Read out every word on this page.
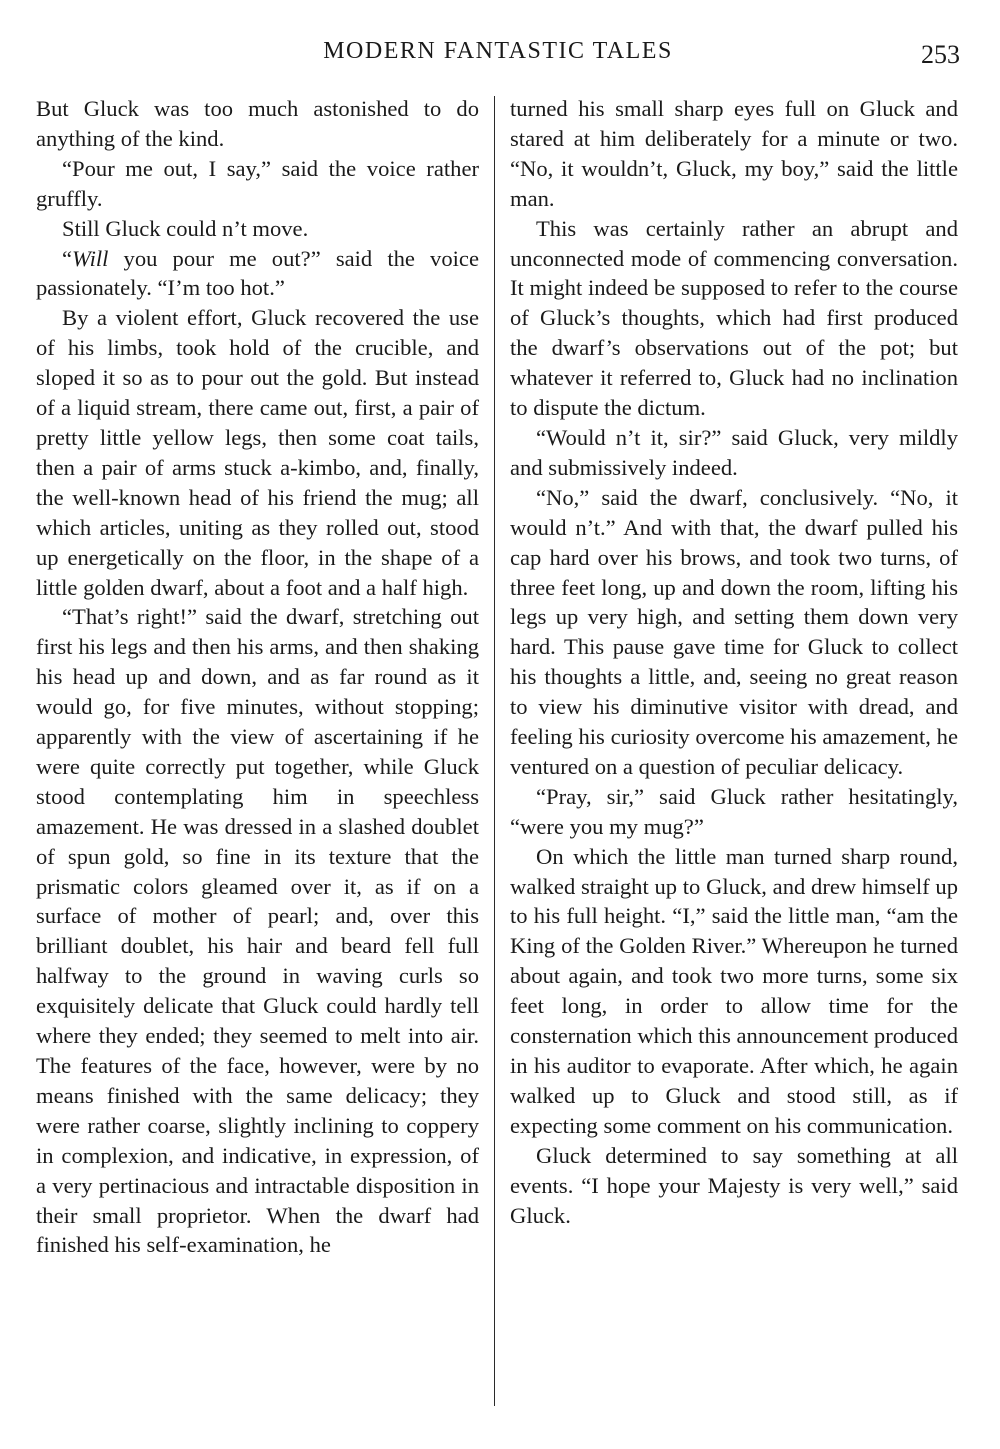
MODERN FANTASTIC TALES	253

But Gluck was too much astonished to do anything of the kind.

“Pour me out, I say,” said the voice rather gruffly.

Still Gluck could n’t move.

“Will you pour me out?” said the voice passionately. “I’m too hot.”

By a violent effort, Gluck recovered the use of his limbs, took hold of the crucible, and sloped it so as to pour out the gold. But instead of a liquid stream, there came out, first, a pair of pretty little yellow legs, then some coat tails, then a pair of arms stuck a-kimbo, and, finally, the well-known head of his friend the mug; all which articles, uniting as they rolled out, stood up energetically on the floor, in the shape of a little golden dwarf, about a foot and a half high.

“That’s right!” said the dwarf, stretching out first his legs and then his arms, and then shaking his head up and down, and as far round as it would go, for five minutes, without stopping; apparently with the view of ascertaining if he were quite correctly put together, while Gluck stood contemplating him in speechless amazement. He was dressed in a slashed doublet of spun gold, so fine in its texture that the prismatic colors gleamed over it, as if on a surface of mother of pearl; and, over this brilliant doublet, his hair and beard fell full halfway to the ground in waving curls so exquisitely delicate that Gluck could hardly tell where they ended; they seemed to melt into air. The features of the face, however, were by no means finished with the same delicacy; they were rather coarse, slightly inclining to coppery in complexion, and indicative, in expression, of a very pertinacious and intractable disposition in their small proprietor. When the dwarf had finished his self-examination, he

turned his small sharp eyes full on Gluck and stared at him deliberately for a minute or two. “No, it wouldn’t, Gluck, my boy,” said the little man.

This was certainly rather an abrupt and unconnected mode of commencing conversation. It might indeed be supposed to refer to the course of Gluck’s thoughts, which had first produced the dwarf’s observations out of the pot; but whatever it referred to, Gluck had no inclination to dispute the dictum.

“Would n’t it, sir?” said Gluck, very mildly and submissively indeed.

“No,” said the dwarf, conclusively. “No, it would n’t.” And with that, the dwarf pulled his cap hard over his brows, and took two turns, of three feet long, up and down the room, lifting his legs up very high, and setting them down very hard. This pause gave time for Gluck to collect his thoughts a little, and, seeing no great reason to view his diminutive visitor with dread, and feeling his curiosity overcome his amazement, he ventured on a question of peculiar delicacy.

“Pray, sir,” said Gluck rather hesitatingly, “were you my mug?”

On which the little man turned sharp round, walked straight up to Gluck, and drew himself up to his full height. “I,” said the little man, “am the King of the Golden River.” Whereupon he turned about again, and took two more turns, some six feet long, in order to allow time for the consternation which this announcement produced in his auditor to evaporate. After which, he again walked up to Gluck and stood still, as if expecting some comment on his communication.

Gluck determined to say something at all events. “I hope your Majesty is very well,” said Gluck.
